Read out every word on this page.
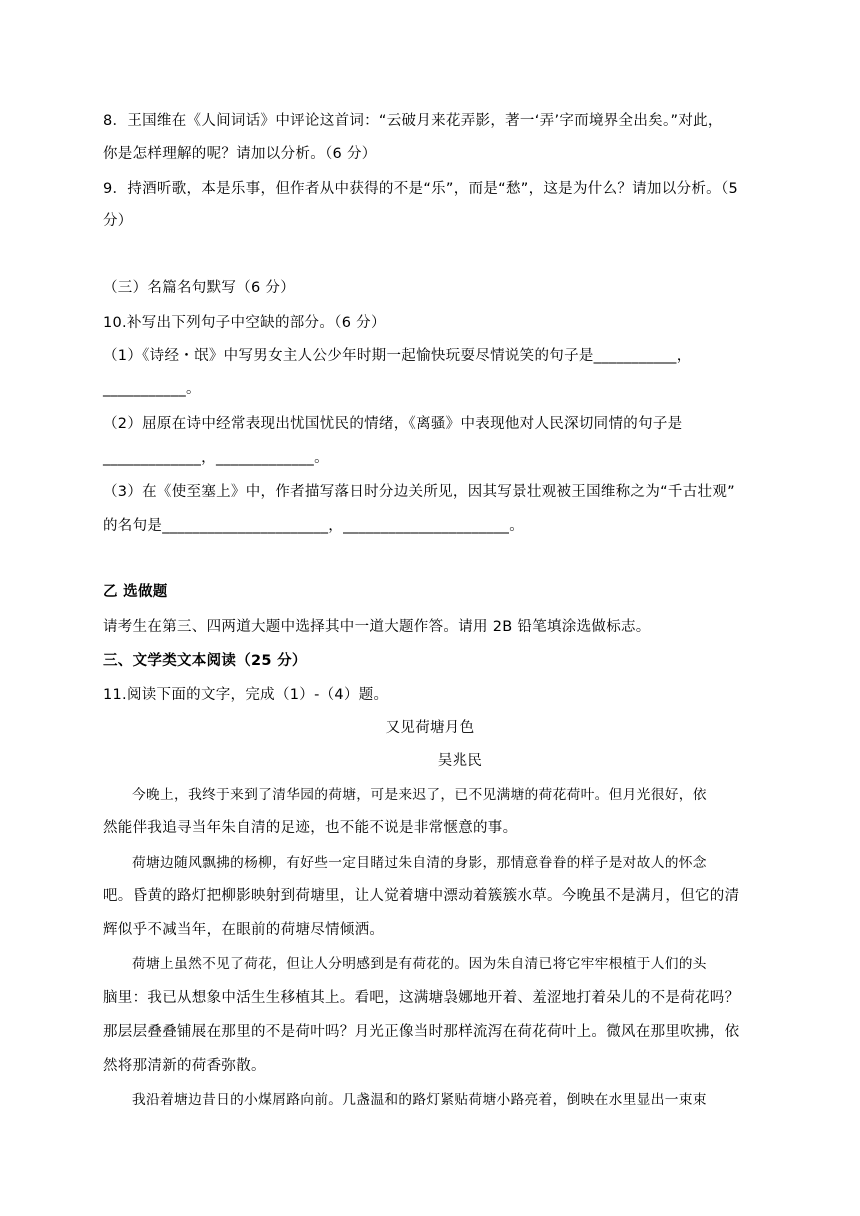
8．王国维在《人间词话》中评论这首词：“云破月来花弄影，著一‘弄’字而境界全出矣。”对此，
你是怎样理解的呢？请加以分析。（6 分）
9．持酒听歌，本是乐事，但作者从中获得的不是“乐”，而是“愁”，这是为什么？请加以分析。（5
分）
（三）名篇名句默写（6 分）
10.补写出下列句子中空缺的部分。（6 分）
（1）《诗经・氓》中写男女主人公少年时期一起愉快玩耍尽情说笑的句子是___________，
___________。
（2）屈原在诗中经常表现出忧国忧民的情绪，《离骚》中表现他对人民深切同情的句子是
_____________，_____________。
（3）在《使至塞上》中，作者描写落日时分边关所见，因其写景壮观被王国维称之为“千古壮观”
的名句是______________________，______________________。
乙 选做题
请考生在第三、四两道大题中选择其中一道大题作答。请用 2B 铅笔填涂选做标志。
三、文学类文本阅读（25 分）
11.阅读下面的文字，完成（1）-（4）题。
又见荷塘月色
吴兆民
今晚上，我终于来到了清华园的荷塘，可是来迟了，已不见满塘的荷花荷叶。但月光很好，依
然能伴我追寻当年朱自清的足迹，也不能不说是非常惬意的事。
荷塘边随风飘拂的杨柳，有好些一定目睹过朱自清的身影，那情意眷眷的样子是对故人的怀念
吧。昏黄的路灯把柳影映射到荷塘里，让人觉着塘中漂动着簇簇水草。今晚虽不是满月，但它的清
辉似乎不减当年，在眼前的荷塘尽情倾洒。
荷塘上虽然不见了荷花，但让人分明感到是有荷花的。因为朱自清已将它牢牢根植于人们的头
脑里：我已从想象中活生生移植其上。看吧，这满塘袅娜地开着、羞涩地打着朵儿的不是荷花吗？
那层层叠叠铺展在那里的不是荷叶吗？月光正像当时那样流泻在荷花荷叶上。微风在那里吹拂，依
然将那清新的荷香弥散。
我沿着塘边昔日的小煤屑路向前。几盏温和的路灯紧贴荷塘小路亮着，倒映在水里显出一束束
